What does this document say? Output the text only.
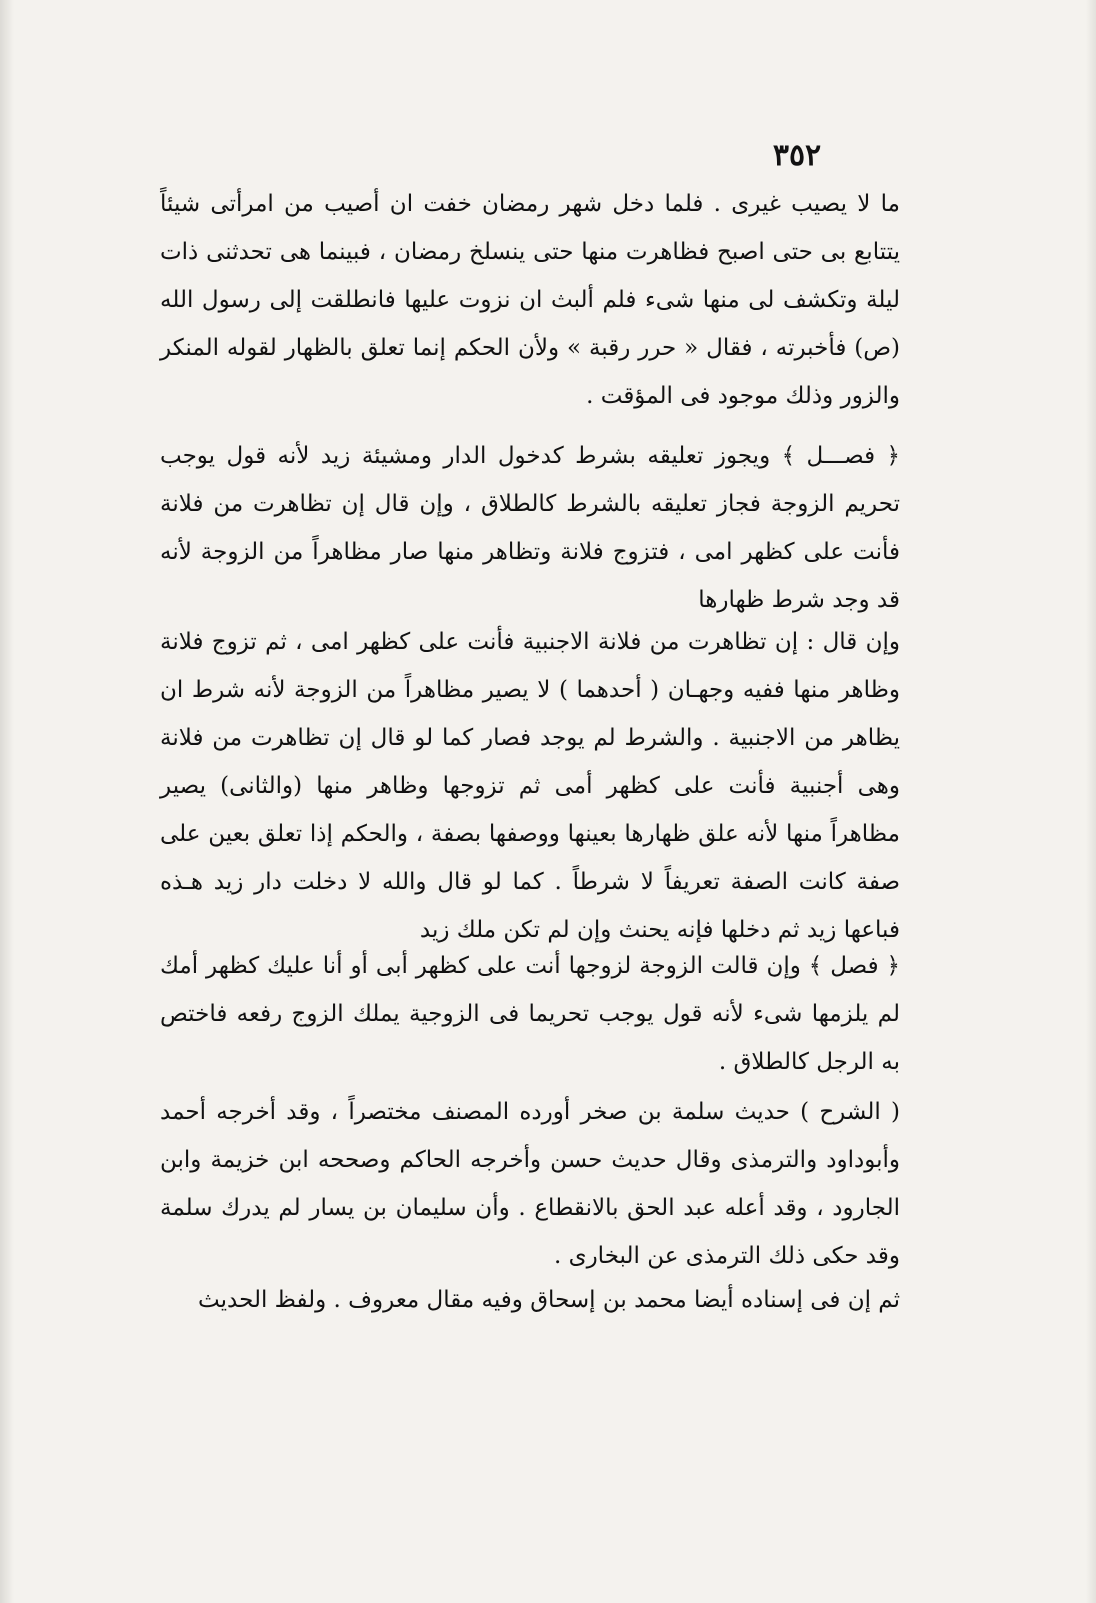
٣٥٢

ما لا يصيب غيرى . فلما دخل شهر رمضان خفت ان أصيب من امرأتى شيئاً يتتابع بى حتى اصبح فظاهرت منها حتى ينسلخ رمضان ، فبينما هى تحدثنى ذات ليلة وتكشف لى منها شىء فلم ألبث ان نزوت عليها فانطلقت إلى رسول الله (ص) فأخبرته ، فقال « حرر رقبة » ولأن الحكم إنما تعلق بالظهار لقوله المنكر والزور وذلك موجود فى المؤقت .

﴿ فصـــل ﴾ ويجوز تعليقه بشرط كدخول الدار ومشيئة زيد لأنه قول يوجب تحريم الزوجة فجاز تعليقه بالشرط كالطلاق ، وإن قال إن تظاهرت من فلانة فأنت على كظهر امى ، فتزوج فلانة وتظاهر منها صار مظاهراً من الزوجة لأنه قد وجد شرط ظهارها

وإن قال : إن تظاهرت من فلانة الاجنبية فأنت على كظهر امى ، ثم تزوج فلانة وظاهر منها ففيه وجهـان ( أحدهما ) لا يصير مظاهراً من الزوجة لأنه شرط ان يظاهر من الاجنبية . والشرط لم يوجد فصار كما لو قال إن تظاهرت من فلانة وهى أجنبية فأنت على كظهر أمى ثم تزوجها وظاهر منها (والثانى) يصير مظاهراً منها لأنه علق ظهارها بعينها ووصفها بصفة ، والحكم إذا تعلق بعين على صفة كانت الصفة تعريفاً لا شرطاً . كما لو قال والله لا دخلت دار زيد هـذه فباعها زيد ثم دخلها فإنه يحنث وإن لم تكن ملك زيد

﴿ فصل ﴾ وإن قالت الزوجة لزوجها أنت على كظهر أبى أو أنا عليك كظهر أمك لم يلزمها شىء لأنه قول يوجب تحريما فى الزوجية يملك الزوج رفعه فاختص به الرجل كالطلاق .

( الشرح ) حديث سلمة بن صخر أورده المصنف مختصراً ، وقد أخرجه أحمد وأبوداود والترمذى وقال حديث حسن وأخرجه الحاكم وصححه ابن خزيمة وابن الجارود ، وقد أعله عبد الحق بالانقطاع . وأن سليمان بن يسار لم يدرك سلمة وقد حكى ذلك الترمذى عن البخارى .

ثم إن فى إسناده أيضا محمد بن إسحاق وفيه مقال معروف . ولفظ الحديث
